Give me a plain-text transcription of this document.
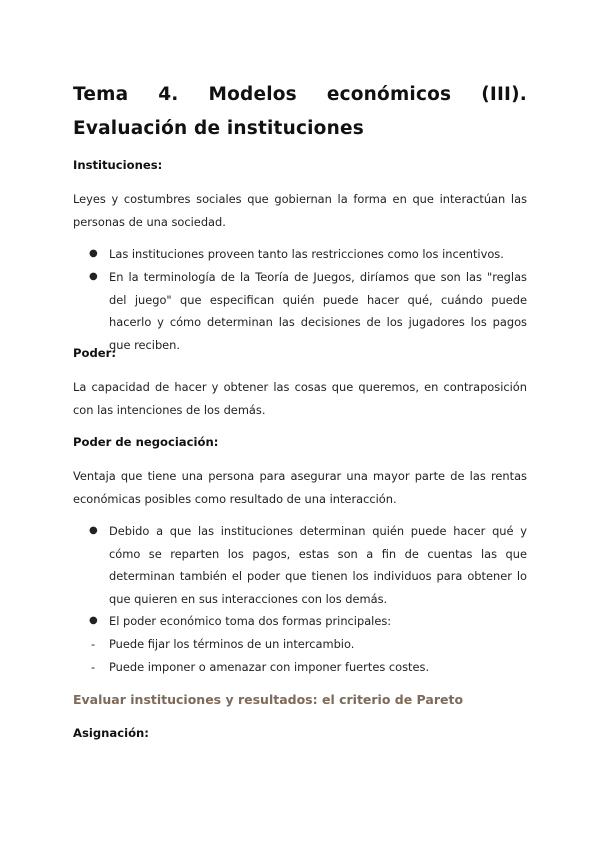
Tema 4. Modelos económicos (III). Evaluación de instituciones
Instituciones:
Leyes y costumbres sociales que gobiernan la forma en que interactúan las personas de una sociedad.
● Las instituciones proveen tanto las restricciones como los incentivos.
● En la terminología de la Teoría de Juegos, diríamos que son las "reglas del juego" que especifican quién puede hacer qué, cuándo puede hacerlo y cómo determinan las decisiones de los jugadores los pagos que reciben.
Poder:
La capacidad de hacer y obtener las cosas que queremos, en contraposición con las intenciones de los demás.
Poder de negociación:
Ventaja que tiene una persona para asegurar una mayor parte de las rentas económicas posibles como resultado de una interacción.
● Debido a que las instituciones determinan quién puede hacer qué y cómo se reparten los pagos, estas son a fin de cuentas las que determinan también el poder que tienen los individuos para obtener lo que quieren en sus interacciones con los demás.
● El poder económico toma dos formas principales:
- Puede fijar los términos de un intercambio.
- Puede imponer o amenazar con imponer fuertes costes.
Evaluar instituciones y resultados: el criterio de Pareto
Asignación:
